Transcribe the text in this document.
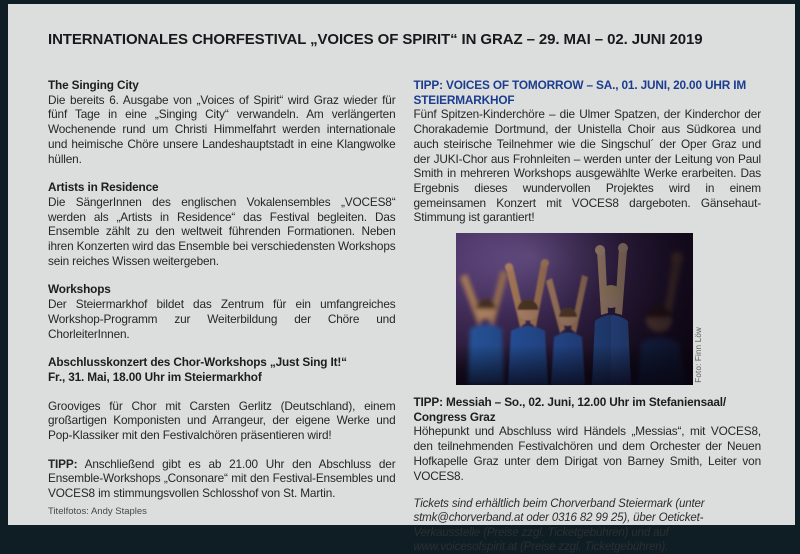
INTERNATIONALES CHORFESTIVAL „VOICES OF SPIRIT“ IN GRAZ – 29. MAI – 02. JUNI 2019

The Singing City

Die bereits 6. Ausgabe von „Voices of Spirit“ wird Graz wieder für fünf Tage in eine „Singing City“ verwandeln. Am verlängerten Wochenende rund um Christi Himmelfahrt werden internationale und heimische Chöre unsere Landeshauptstadt in eine Klangwolke hüllen.

Artists in Residence

Die SängerInnen des englischen Vokalensembles „VOCES8“ werden als „Artists in Residence“ das Festival begleiten. Das Ensemble zählt zu den weltweit führenden Formationen. Neben ihren Konzerten wird das Ensemble bei verschiedensten Workshops sein reiches Wissen weitergeben.

Workshops

Der Steiermarkhof bildet das Zentrum für ein umfangreiches Workshop-Programm zur Weiterbildung der Chöre und ChorleiterInnen.

Abschlusskonzert des Chor-Workshops „Just Sing It!“
Fr., 31. Mai, 18.00 Uhr im Steiermarkhof

Grooviges für Chor mit Carsten Gerlitz (Deutschland), einem großartigen Komponisten und Arrangeur, der eigene Werke und Pop-Klassiker mit den Festivalchören präsentieren wird!

TIPP: Anschließend gibt es ab 21.00 Uhr den Abschluss der Ensemble-Workshops „Consonare“ mit den Festival-Ensembles und VOCES8 im stimmungsvollen Schlosshof von St. Martin.

TIPP: VOICES OF TOMORROW – SA., 01. JUNI, 20.00 UHR IM
STEIERMARKHOF

Fünf Spitzen-Kinderchöre – die Ulmer Spatzen, der Kinderchor der Chorakademie Dortmund, der Unistella Choir aus Südkorea und auch steirische Teilnehmer wie die Singschul´ der Oper Graz und der JUKI-Chor aus Frohnleiten – werden unter der Leitung von Paul Smith in mehreren Workshops ausgewählte Werke erarbeiten. Das Ergebnis dieses wundervollen Projektes wird in einem gemeinsamen Konzert mit VOCES8 dargeboten. Gänsehaut-Stimmung ist garantiert!

Foto: Finn Löw

TIPP: Messiah – So., 02. Juni, 12.00 Uhr im Stefaniensaal/
Congress Graz

Höhepunkt und Abschluss wird Händels „Messias“, mit VOCES8, den teilnehmenden Festivalchören und dem Orchester der Neuen Hofkapelle Graz unter dem Dirigat von Barney Smith, Leiter von VOCES8.

Tickets sind erhältlich beim Chorverband Steiermark (unter stmk@chorverband.at oder 0316 82 99 25), über Oeticket-Verkausstelle (Preise zzgl. Ticketgebühren) und auf www.voicesofspirit.at (Preise zzgl. Ticketgebühren).

Titelfotos: Andy Staples
